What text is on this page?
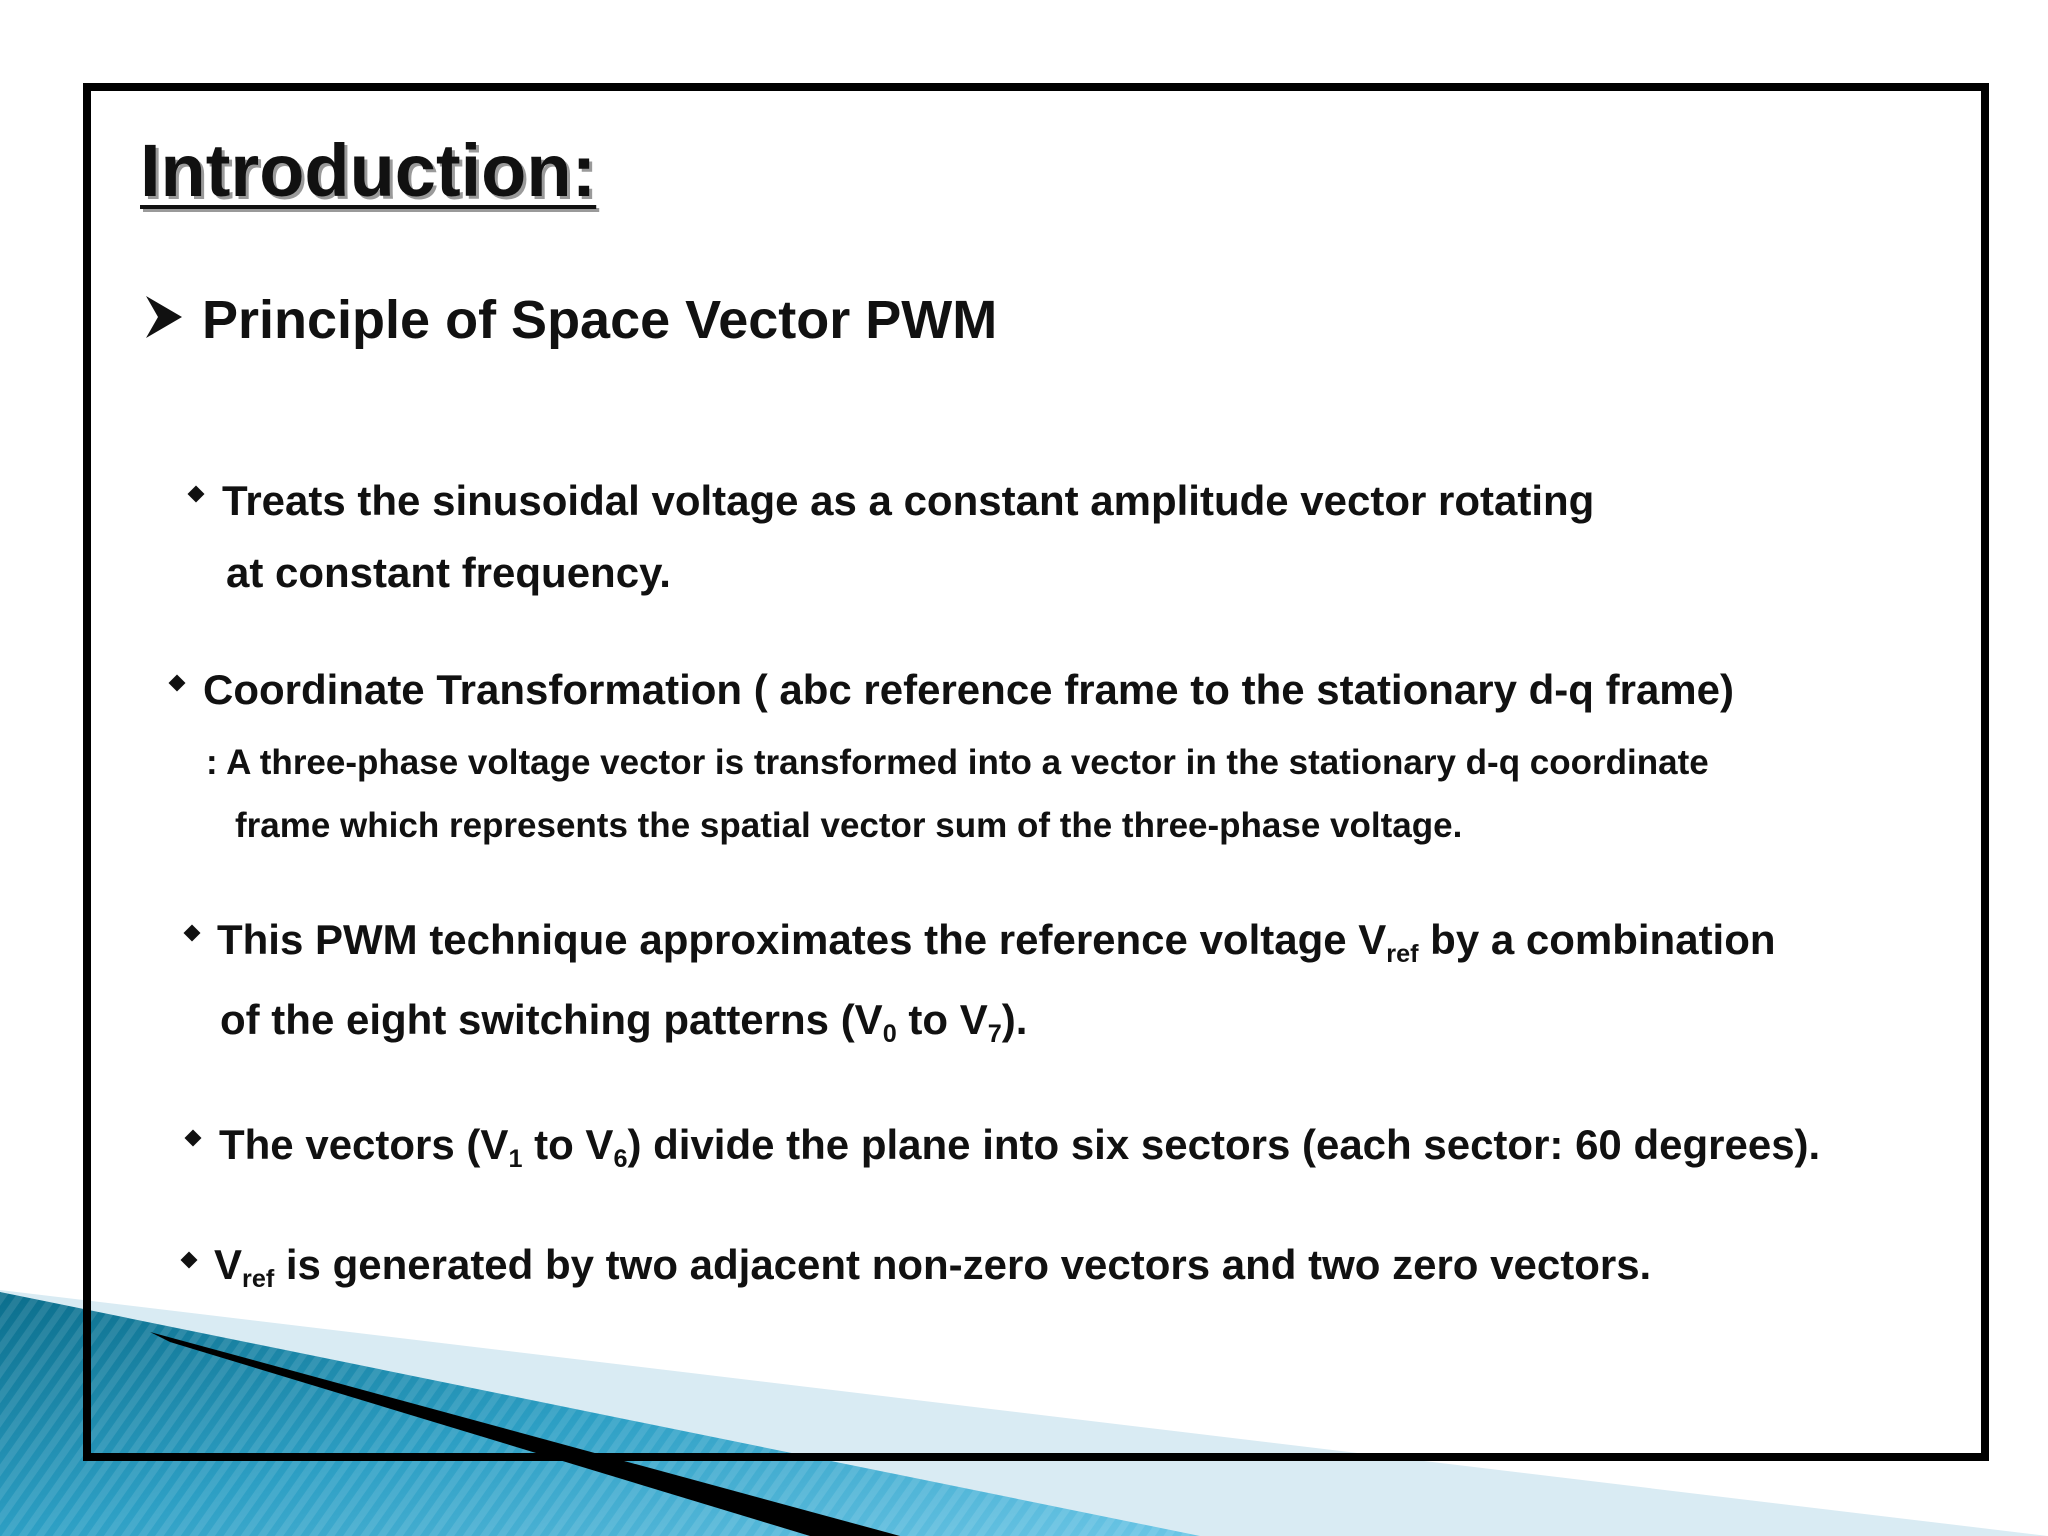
Introduction:
Principle of Space Vector PWM
Treats the sinusoidal voltage as a constant amplitude vector rotating
at constant frequency.
Coordinate Transformation ( abc reference frame to the stationary d-q frame)
: A three-phase voltage vector is transformed into a vector in the stationary d-q coordinate
frame which represents the spatial vector sum of the three-phase voltage.
This PWM technique approximates the reference voltage $V_{ref}$ by a combination
of the eight switching patterns ($V_0$ to $V_7$).
The vectors ($V_1$ to $V_6$) divide the plane into six sectors (each sector: 60 degrees).
$V_{ref}$ is generated by two adjacent non-zero vectors and two zero vectors.
